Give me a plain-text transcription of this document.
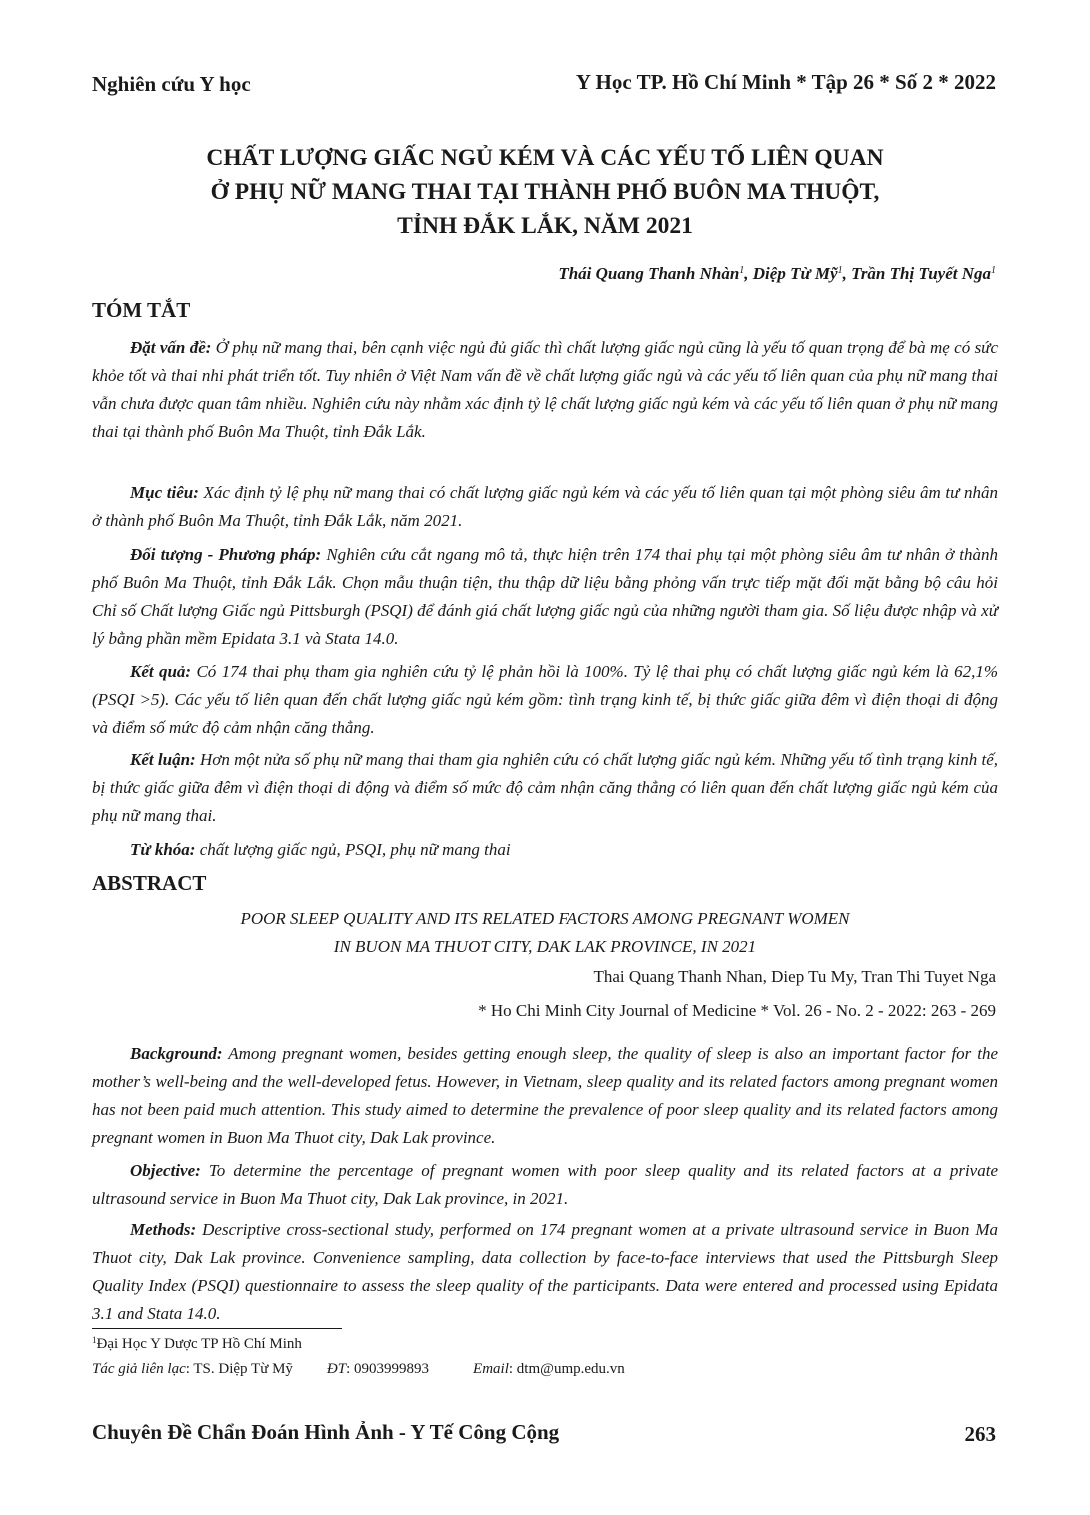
Nghiên cứu Y học	Y Học TP. Hồ Chí Minh * Tập 26 * Số 2 * 2022
CHẤT LƯỢNG GIẤC NGỦ KÉM VÀ CÁC YẾU TỐ LIÊN QUAN
Ở PHỤ NỮ MANG THAI TẠI THÀNH PHỐ BUÔN MA THUỘT,
TỈNH ĐẮK LẮK, NĂM 2021
Thái Quang Thanh Nhàn$^1$, Diệp Từ Mỹ$^1$, Trần Thị Tuyết Nga$^1$
TÓM TẮT

Đặt vấn đề: Ở phụ nữ mang thai, bên cạnh việc ngủ đủ giấc thì chất lượng giấc ngủ cũng là yếu tố quan trọng để bà mẹ có sức khỏe tốt và thai nhi phát triển tốt. Tuy nhiên ở Việt Nam vấn đề về chất lượng giấc ngủ và các yếu tố liên quan của phụ nữ mang thai vẫn chưa được quan tâm nhiều. Nghiên cứu này nhằm xác định tỷ lệ chất lượng giấc ngủ kém và các yếu tố liên quan ở phụ nữ mang thai tại thành phố Buôn Ma Thuột, tỉnh Đắk Lắk.

Mục tiêu: Xác định tỷ lệ phụ nữ mang thai có chất lượng giấc ngủ kém và các yếu tố liên quan tại một phòng siêu âm tư nhân ở thành phố Buôn Ma Thuột, tỉnh Đắk Lắk, năm 2021.

Đối tượng - Phương pháp: Nghiên cứu cắt ngang mô tả, thực hiện trên 174 thai phụ tại một phòng siêu âm tư nhân ở thành phố Buôn Ma Thuột, tỉnh Đắk Lắk. Chọn mẫu thuận tiện, thu thập dữ liệu bằng phỏng vấn trực tiếp mặt đối mặt bằng bộ câu hỏi Chỉ số Chất lượng Giấc ngủ Pittsburgh (PSQI) để đánh giá chất lượng giấc ngủ của những người tham gia. Số liệu được nhập và xử lý bằng phần mềm Epidata 3.1 và Stata 14.0.

Kết quả: Có 174 thai phụ tham gia nghiên cứu tỷ lệ phản hồi là 100%. Tỷ lệ thai phụ có chất lượng giấc ngủ kém là 62,1% (PSQI >5). Các yếu tố liên quan đến chất lượng giấc ngủ kém gồm: tình trạng kinh tế, bị thức giấc giữa đêm vì điện thoại di động và điểm số mức độ cảm nhận căng thẳng.

Kết luận: Hơn một nửa số phụ nữ mang thai tham gia nghiên cứu có chất lượng giấc ngủ kém. Những yếu tố tình trạng kinh tế, bị thức giấc giữa đêm vì điện thoại di động và điểm số mức độ cảm nhận căng thẳng có liên quan đến chất lượng giấc ngủ kém của phụ nữ mang thai.

Từ khóa: chất lượng giấc ngủ, PSQI, phụ nữ mang thai

ABSTRACT
POOR SLEEP QUALITY AND ITS RELATED FACTORS AMONG PREGNANT WOMEN
IN BUON MA THUOT CITY, DAK LAK PROVINCE, IN 2021
Thai Quang Thanh Nhan, Diep Tu My, Tran Thi Tuyet Nga
* Ho Chi Minh City Journal of Medicine * Vol. 26 - No. 2 - 2022: 263 - 269

Background: Among pregnant women, besides getting enough sleep, the quality of sleep is also an important factor for the mother’s well-being and the well-developed fetus. However, in Vietnam, sleep quality and its related factors among pregnant women has not been paid much attention. This study aimed to determine the prevalence of poor sleep quality and its related factors among pregnant women in Buon Ma Thuot city, Dak Lak province.

Objective: To determine the percentage of pregnant women with poor sleep quality and its related factors at a private ultrasound service in Buon Ma Thuot city, Dak Lak province, in 2021.

Methods: Descriptive cross-sectional study, performed on 174 pregnant women at a private ultrasound service in Buon Ma Thuot city, Dak Lak province. Convenience sampling, data collection by face-to-face interviews that used the Pittsburgh Sleep Quality Index (PSQI) questionnaire to assess the sleep quality of the participants. Data were entered and processed using Epidata 3.1 and Stata 14.0.

$^1$Đại Học Y Dược TP Hồ Chí Minh
Tác giả liên lạc: TS. Diệp Từ Mỹ ĐT: 0903999893	Email: dtm@ump.edu.vn
Chuyên Đề Chẩn Đoán Hình Ảnh - Y Tế Công Cộng	263
